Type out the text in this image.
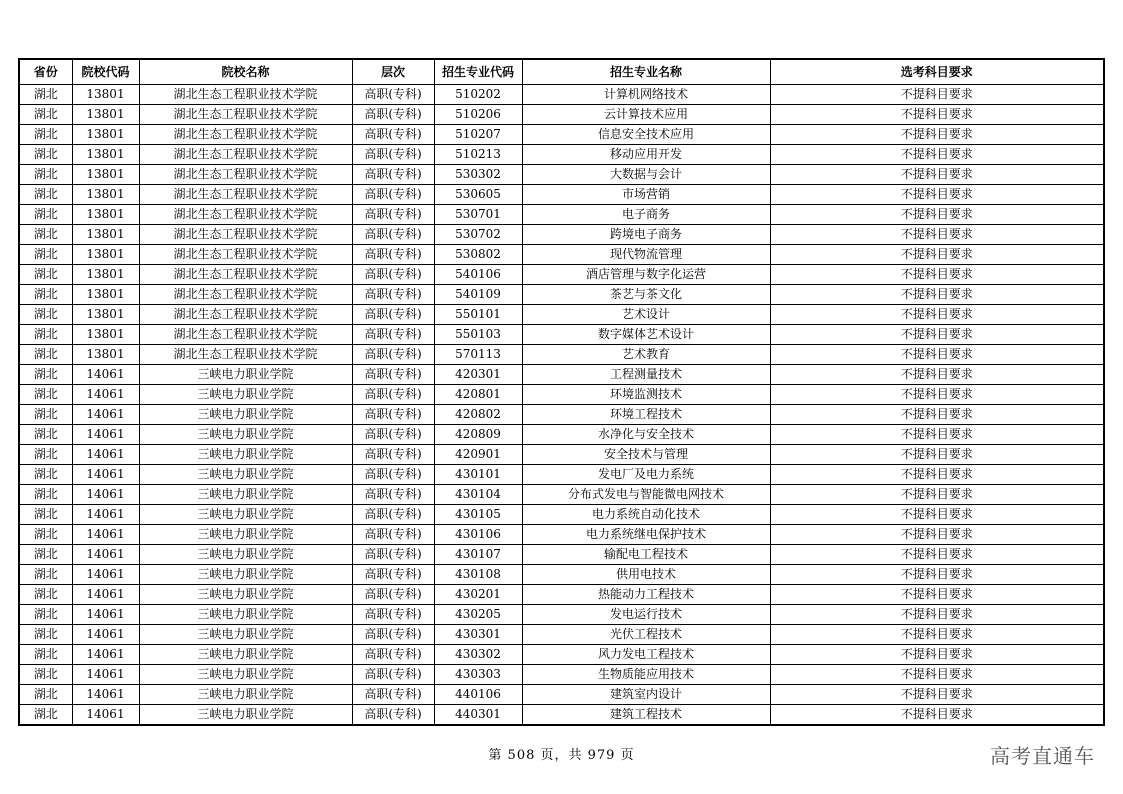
省份	院校代码	院校名称	层次	招生专业代码	招生专业名称	选考科目要求
湖北	13801	湖北生态工程职业技术学院	高职(专科)	510202	计算机网络技术	不提科目要求
湖北	13801	湖北生态工程职业技术学院	高职(专科)	510206	云计算技术应用	不提科目要求
湖北	13801	湖北生态工程职业技术学院	高职(专科)	510207	信息安全技术应用	不提科目要求
湖北	13801	湖北生态工程职业技术学院	高职(专科)	510213	移动应用开发	不提科目要求
湖北	13801	湖北生态工程职业技术学院	高职(专科)	530302	大数据与会计	不提科目要求
湖北	13801	湖北生态工程职业技术学院	高职(专科)	530605	市场营销	不提科目要求
湖北	13801	湖北生态工程职业技术学院	高职(专科)	530701	电子商务	不提科目要求
湖北	13801	湖北生态工程职业技术学院	高职(专科)	530702	跨境电子商务	不提科目要求
湖北	13801	湖北生态工程职业技术学院	高职(专科)	530802	现代物流管理	不提科目要求
湖北	13801	湖北生态工程职业技术学院	高职(专科)	540106	酒店管理与数字化运营	不提科目要求
湖北	13801	湖北生态工程职业技术学院	高职(专科)	540109	茶艺与茶文化	不提科目要求
湖北	13801	湖北生态工程职业技术学院	高职(专科)	550101	艺术设计	不提科目要求
湖北	13801	湖北生态工程职业技术学院	高职(专科)	550103	数字媒体艺术设计	不提科目要求
湖北	13801	湖北生态工程职业技术学院	高职(专科)	570113	艺术教育	不提科目要求
湖北	14061	三峡电力职业学院	高职(专科)	420301	工程测量技术	不提科目要求
湖北	14061	三峡电力职业学院	高职(专科)	420801	环境监测技术	不提科目要求
湖北	14061	三峡电力职业学院	高职(专科)	420802	环境工程技术	不提科目要求
湖北	14061	三峡电力职业学院	高职(专科)	420809	水净化与安全技术	不提科目要求
湖北	14061	三峡电力职业学院	高职(专科)	420901	安全技术与管理	不提科目要求
湖北	14061	三峡电力职业学院	高职(专科)	430101	发电厂及电力系统	不提科目要求
湖北	14061	三峡电力职业学院	高职(专科)	430104	分布式发电与智能微电网技术	不提科目要求
湖北	14061	三峡电力职业学院	高职(专科)	430105	电力系统自动化技术	不提科目要求
湖北	14061	三峡电力职业学院	高职(专科)	430106	电力系统继电保护技术	不提科目要求
湖北	14061	三峡电力职业学院	高职(专科)	430107	输配电工程技术	不提科目要求
湖北	14061	三峡电力职业学院	高职(专科)	430108	供用电技术	不提科目要求
湖北	14061	三峡电力职业学院	高职(专科)	430201	热能动力工程技术	不提科目要求
湖北	14061	三峡电力职业学院	高职(专科)	430205	发电运行技术	不提科目要求
湖北	14061	三峡电力职业学院	高职(专科)	430301	光伏工程技术	不提科目要求
湖北	14061	三峡电力职业学院	高职(专科)	430302	风力发电工程技术	不提科目要求
湖北	14061	三峡电力职业学院	高职(专科)	430303	生物质能应用技术	不提科目要求
湖北	14061	三峡电力职业学院	高职(专科)	440106	建筑室内设计	不提科目要求
湖北	14061	三峡电力职业学院	高职(专科)	440301	建筑工程技术	不提科目要求
第 508 页，共 979 页	高考直通车
